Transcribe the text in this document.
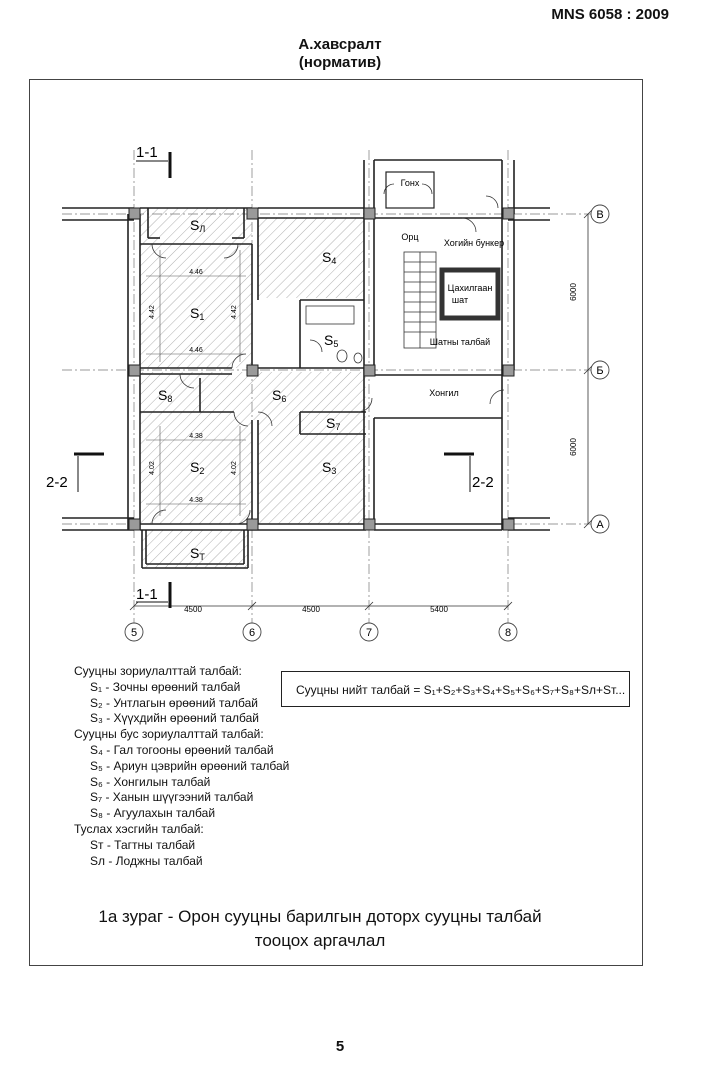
MNS 6058 : 2009
А.хавсралт
(норматив)
4.46
4.46
4.42	4.42
4.38
4.38
4.02	4.02
SЛ
S1
S4
S5
S8	S6
S7
S2	S3
SТ
Гонх
Орц
Хогийн бункер
Цахилгаан
шат
Шатны талбай
Хонгил
4500	4500	5400
6000
6000
В
Б
А
5	6	7	8
1-1
1-1
2-2	2-2
Сууцны зориулалттай талбай:
S₁ - Зочны өрөөний талбай
S₂ - Унтлагын өрөөний талбай
S₃ - Хүүхдийн өрөөний талбай
Сууцны бус зориулалттай талбай:
S₄ - Гал тогооны өрөөний талбай
S₅ - Ариун цэврийн өрөөний талбай
S₆ - Хонгилын талбай
S₇ - Ханын шүүгээний талбай
S₈ - Агуулахын талбай
Туслах хэсгийн талбай:
Sт - Тагтны талбай
Sл - Лоджны талбай
Сууцны нийт талбай = S₁+S₂+S₃+S₄+S₅+S₆+S₇+S₈+Sл+Sт...
1а зураг - Орон сууцны барилгын доторх сууцны талбай
тооцох аргачлал
5
